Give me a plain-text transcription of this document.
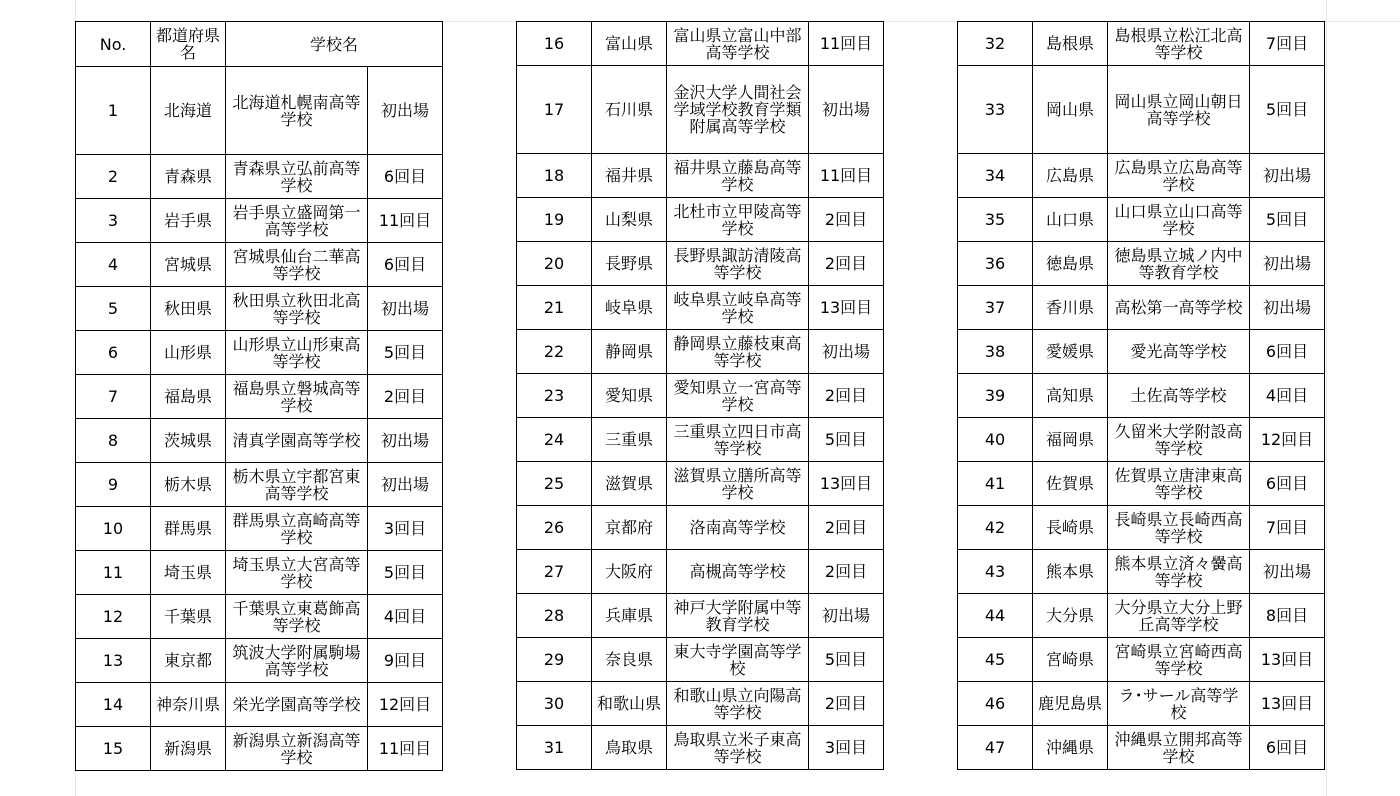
No.	都道府県名	学校名	
1	北海道	北海道札幌南高等学校	初出場
2	青森県	青森県立弘前高等学校	6回目
3	岩手県	岩手県立盛岡第一高等学校	11回目
4	宮城県	宮城県仙台二華高等学校	6回目
5	秋田県	秋田県立秋田北高等学校	初出場
6	山形県	山形県立山形東高等学校	5回目
7	福島県	福島県立磐城高等学校	2回目
8	茨城県	清真学園高等学校	初出場
9	栃木県	栃木県立宇都宮東高等学校	初出場
10	群馬県	群馬県立高崎高等学校	3回目
11	埼玉県	埼玉県立大宮高等学校	5回目
12	千葉県	千葉県立東葛飾高等学校	4回目
13	東京都	筑波大学附属駒場高等学校	9回目
14	神奈川県	栄光学園高等学校	12回目
15	新潟県	新潟県立新潟高等学校	11回目
16	富山県	富山県立富山中部高等学校	11回目
17	石川県	金沢大学人間社会学域学校教育学類附属高等学校	初出場
18	福井県	福井県立藤島高等学校	11回目
19	山梨県	北杜市立甲陵高等学校	2回目
20	長野県	長野県諏訪清陵高等学校	2回目
21	岐阜県	岐阜県立岐阜高等学校	13回目
22	静岡県	静岡県立藤枝東高等学校	初出場
23	愛知県	愛知県立一宮高等学校	2回目
24	三重県	三重県立四日市高等学校	5回目
25	滋賀県	滋賀県立膳所高等学校	13回目
26	京都府	洛南高等学校	2回目
27	大阪府	高槻高等学校	2回目
28	兵庫県	神戸大学附属中等教育学校	初出場
29	奈良県	東大寺学園高等学校	5回目
30	和歌山県	和歌山県立向陽高等学校	2回目
31	鳥取県	鳥取県立米子東高等学校	3回目
32	島根県	島根県立松江北高等学校	7回目
33	岡山県	岡山県立岡山朝日高等学校	5回目
34	広島県	広島県立広島高等学校	初出場
35	山口県	山口県立山口高等学校	5回目
36	徳島県	徳島県立城ノ内中等教育学校	初出場
37	香川県	高松第一高等学校	初出場
38	愛媛県	愛光高等学校	6回目
39	高知県	土佐高等学校	4回目
40	福岡県	久留米大学附設高等学校	12回目
41	佐賀県	佐賀県立唐津東高等学校	6回目
42	長崎県	長崎県立長崎西高等学校	7回目
43	熊本県	熊本県立済々黌高等学校	初出場
44	大分県	大分県立大分上野丘高等学校	8回目
45	宮崎県	宮崎県立宮崎西高等学校	13回目
46	鹿児島県	ラ･サール高等学校	13回目
47	沖縄県	沖縄県立開邦高等学校	6回目
